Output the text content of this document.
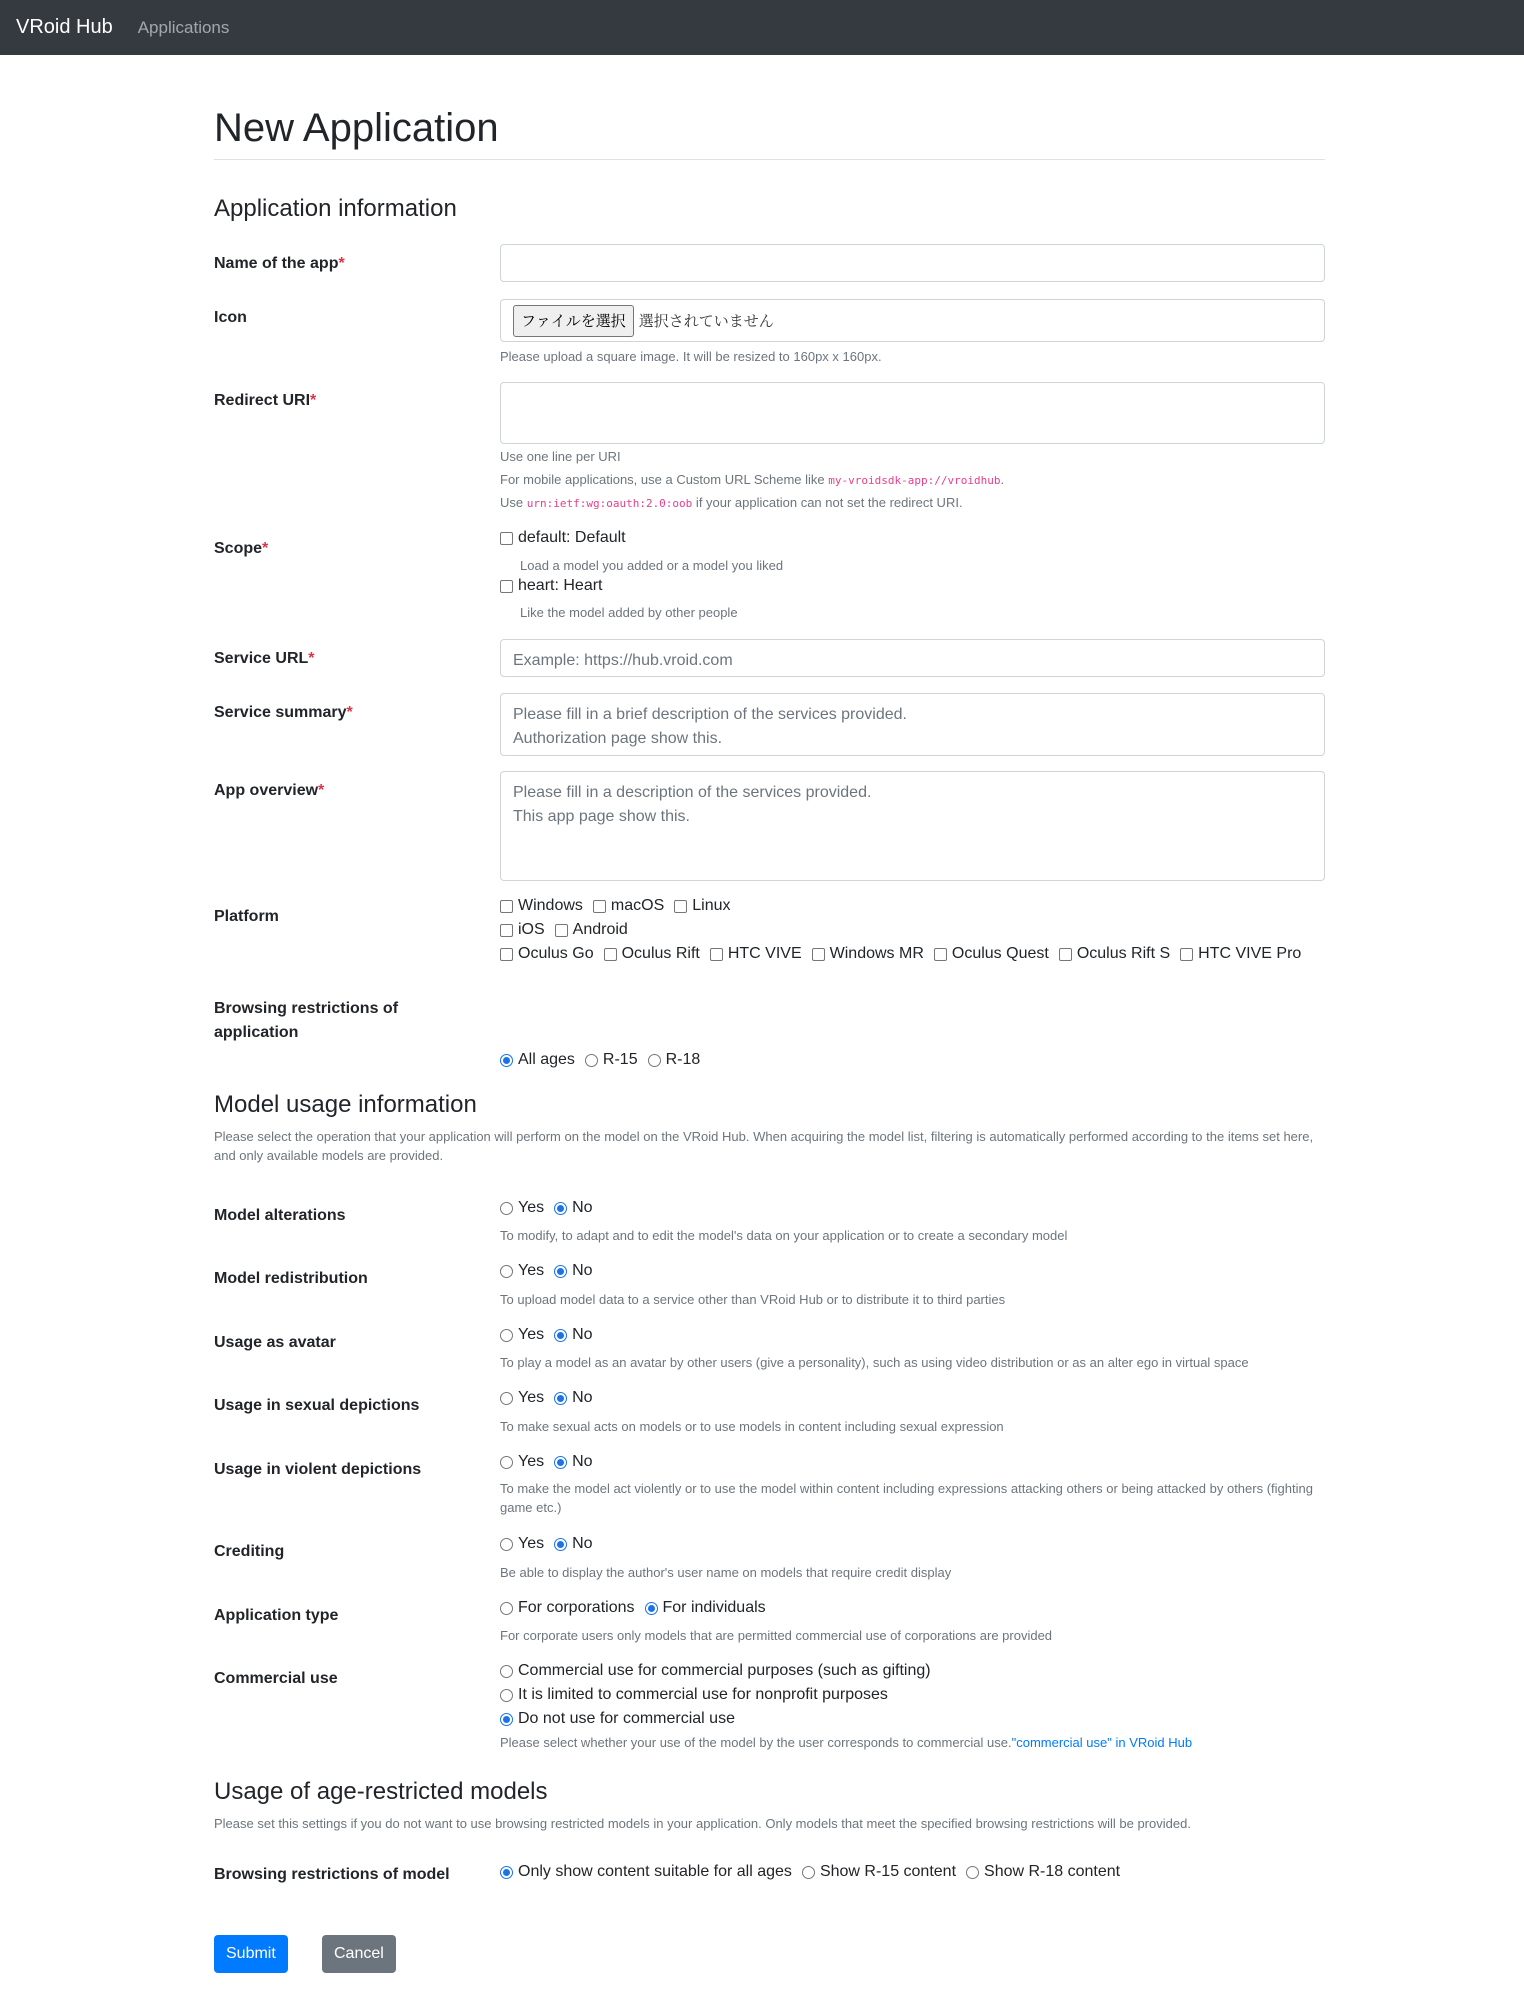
VRoid Hub Applications
New Application
Application information
Name of the app*
Icon	ファイルを選択 選択されていません
Please upload a square image. It will be resized to 160px x 160px.
Redirect URI*
Use one line per URI
For mobile applications, use a Custom URL Scheme like my-vroidsdk-app://vroidhub.
Use urn:ietf:wg:oauth:2.0:oob if your application can not set the redirect URI.
Scope*
default: Default
Load a model you added or a model you liked
heart: Heart
Like the model added by other people
Service URL*	Example: https://hub.vroid.com
Service summary*	Please fill in a brief description of the services provided.
Authorization page show this.
App overview*	Please fill in a description of the services provided.
This app page show this.
Platform
Windows macOS Linux
iOS Android
Oculus Go Oculus Rift HTC VIVE Windows MR Oculus Quest Oculus Rift S HTC VIVE Pro
Browsing restrictions of application
All ages R-15 R-18
Model usage information
Please select the operation that your application will perform on the model on the VRoid Hub. When acquiring the model list, filtering is automatically performed according to the items set here, and only available models are provided.
Model alterations	Yes No
To modify, to adapt and to edit the model's data on your application or to create a secondary model
Model redistribution	Yes No
To upload model data to a service other than VRoid Hub or to distribute it to third parties
Usage as avatar	Yes No
To play a model as an avatar by other users (give a personality), such as using video distribution or as an alter ego in virtual space
Usage in sexual depictions	Yes No
To make sexual acts on models or to use models in content including sexual expression
Usage in violent depictions	Yes No
To make the model act violently or to use the model within content including expressions attacking others or being attacked by others (fighting game etc.)
Crediting	Yes No
Be able to display the author's user name on models that require credit display
Application type	For corporations For individuals
For corporate users only models that are permitted commercial use of corporations are provided
Commercial use	Commercial use for commercial purposes (such as gifting)
It is limited to commercial use for nonprofit purposes
Do not use for commercial use
Please select whether your use of the model by the user corresponds to commercial use."commercial use" in VRoid Hub
Usage of age-restricted models
Please set this settings if you do not want to use browsing restricted models in your application. Only models that meet the specified browsing restrictions will be provided.
Browsing restrictions of model	Only show content suitable for all ages Show R-15 content Show R-18 content
Submit	Cancel
